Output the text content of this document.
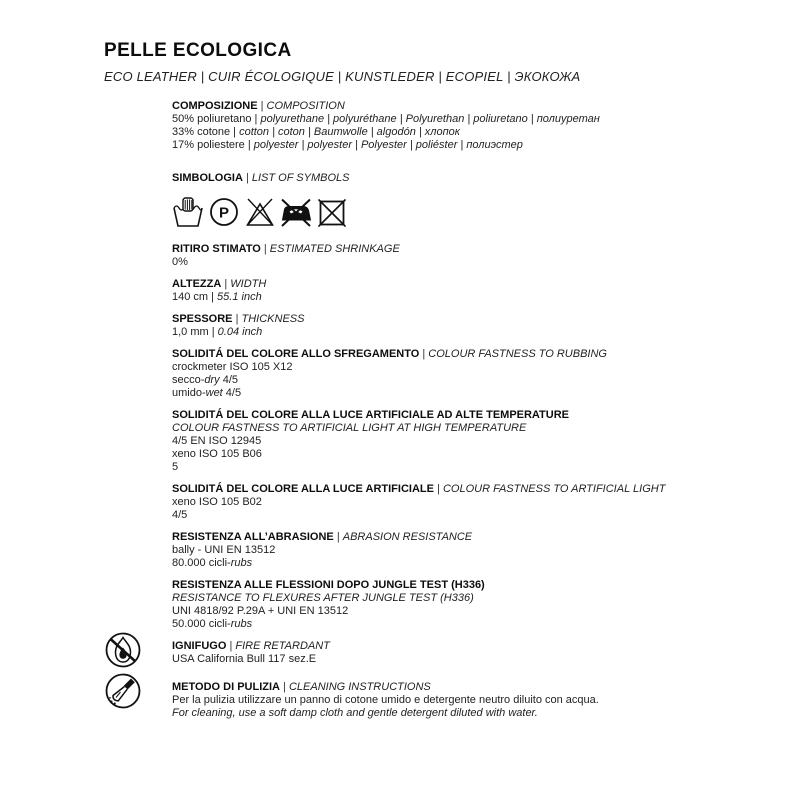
PELLE ECOLOGICA
ECO LEATHER | CUIR ÉCOLOGIQUE | KUNSTLEDER | ECOPIEL | ЭКОКОЖА
COMPOSIZIONE | COMPOSITION
50% poliuretano | polyurethane | polyuréthane | Polyurethan | poliuretano | полиуретан
33% cotone | cotton | coton | Baumwolle | algodón | хлопок
17% poliestere | polyester | polyester | Polyester | poliéster | полиэстер
SIMBOLOGIA | LIST OF SYMBOLS
P
RITIRO STIMATO | ESTIMATED SHRINKAGE
0%
ALTEZZA | WIDTH
140 cm | 55.1 inch
SPESSORE | THICKNESS
1,0 mm | 0.04 inch
SOLIDITÁ DEL COLORE ALLO SFREGAMENTO | COLOUR FASTNESS TO RUBBING
crockmeter ISO 105 X12
secco-dry 4/5
umido-wet 4/5
SOLIDITÁ DEL COLORE ALLA LUCE ARTIFICIALE AD ALTE TEMPERATURE
COLOUR FASTNESS TO ARTIFICIAL LIGHT AT HIGH TEMPERATURE
4/5 EN ISO 12945
xeno ISO 105 B06
5
SOLIDITÁ DEL COLORE ALLA LUCE ARTIFICIALE | COLOUR FASTNESS TO ARTIFICIAL LIGHT
xeno ISO 105 B02
4/5
RESISTENZA ALL’ABRASIONE | ABRASION RESISTANCE
bally - UNI EN 13512
80.000 cicli-rubs
RESISTENZA ALLE FLESSIONI DOPO JUNGLE TEST (H336)
RESISTANCE TO FLEXURES AFTER JUNGLE TEST (H336)
UNI 4818/92 P.29A + UNI EN 13512
50.000 cicli-rubs
IGNIFUGO | FIRE RETARDANT
USA California Bull 117 sez.E
METODO DI PULIZIA | CLEANING INSTRUCTIONS
Per la pulizia utilizzare un panno di cotone umido e detergente neutro diluito con acqua.
For cleaning, use a soft damp cloth and gentle detergent diluted with water.
